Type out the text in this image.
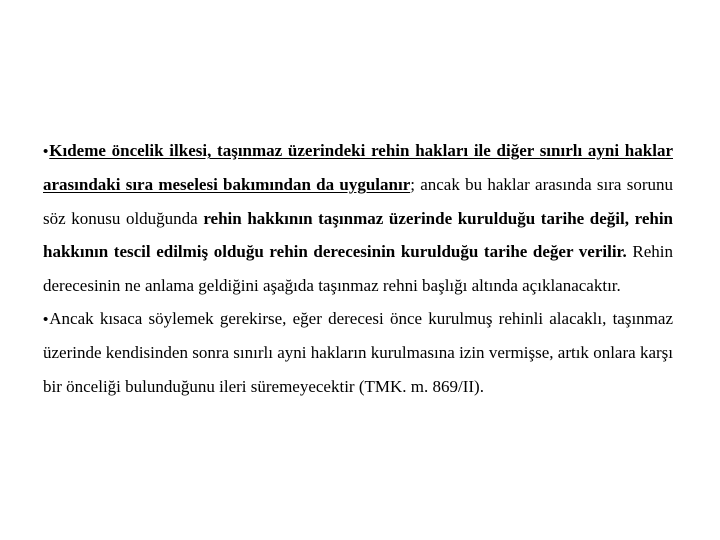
•Kıdeme öncelik ilkesi, taşınmaz üzerindeki rehin hakları ile diğer sınırlı ayni haklar arasındaki sıra meselesi bakımından da uygulanır; ancak bu haklar arasında sıra sorunu söz konusu olduğunda rehin hakkının taşınmaz üzerinde kurulduğu tarihe değil, rehin hakkının tescil edilmiş olduğu rehin derecesinin kurulduğu tarihe değer verilir. Rehin derecesinin ne anlama geldiğini aşağıda taşınmaz rehni başlığı altında açıklanacaktır.

•Ancak kısaca söylemek gerekirse, eğer derecesi önce kurulmuş rehinli alacaklı, taşınmaz üzerinde kendisinden sonra sınırlı ayni hakların kurulmasına izin vermişse, artık onlara karşı bir önceliği bulunduğunu ileri süremeyecektir (TMK. m. 869/II).
